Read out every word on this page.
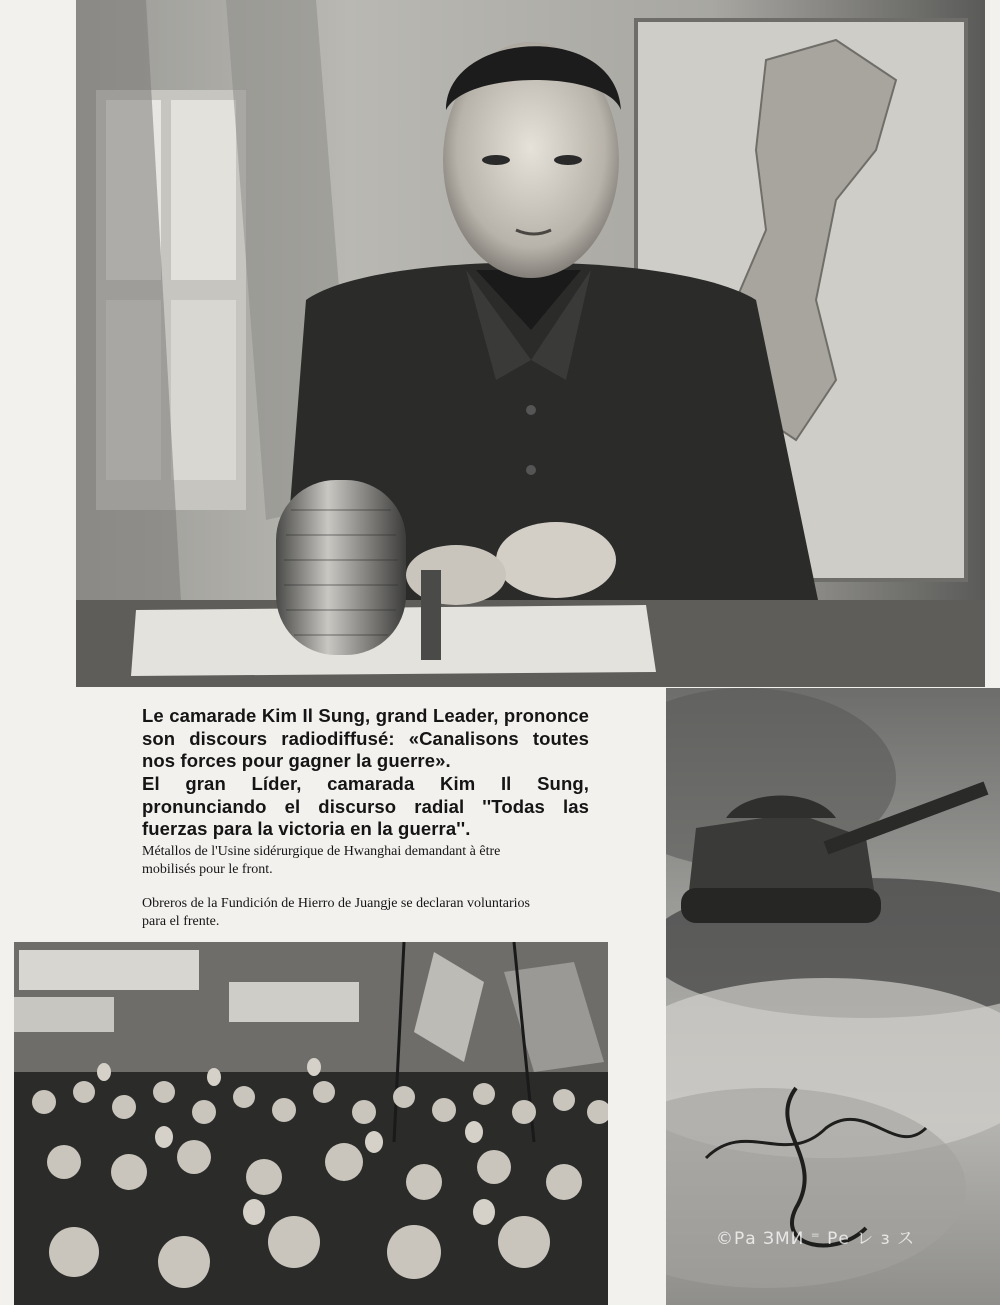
Le camarade Kim Il Sung, grand Leader, prononce son discours radiodiffusé: «Canalisons toutes nos forces pour gagner la guerre».

El gran Líder, camarada Kim Il Sung, pronunciando el discurso radial ''Todas las fuerzas para la victoria en la guerra''.

Métallos de l'Usine sidérurgique de Hwanghai demandant à être mobilisés pour le front.

Obreros de la Fundición de Hierro de Juangje se declaran voluntarios para el frente.

©Ра ЗМИ ⁼ Рe レ з ス
